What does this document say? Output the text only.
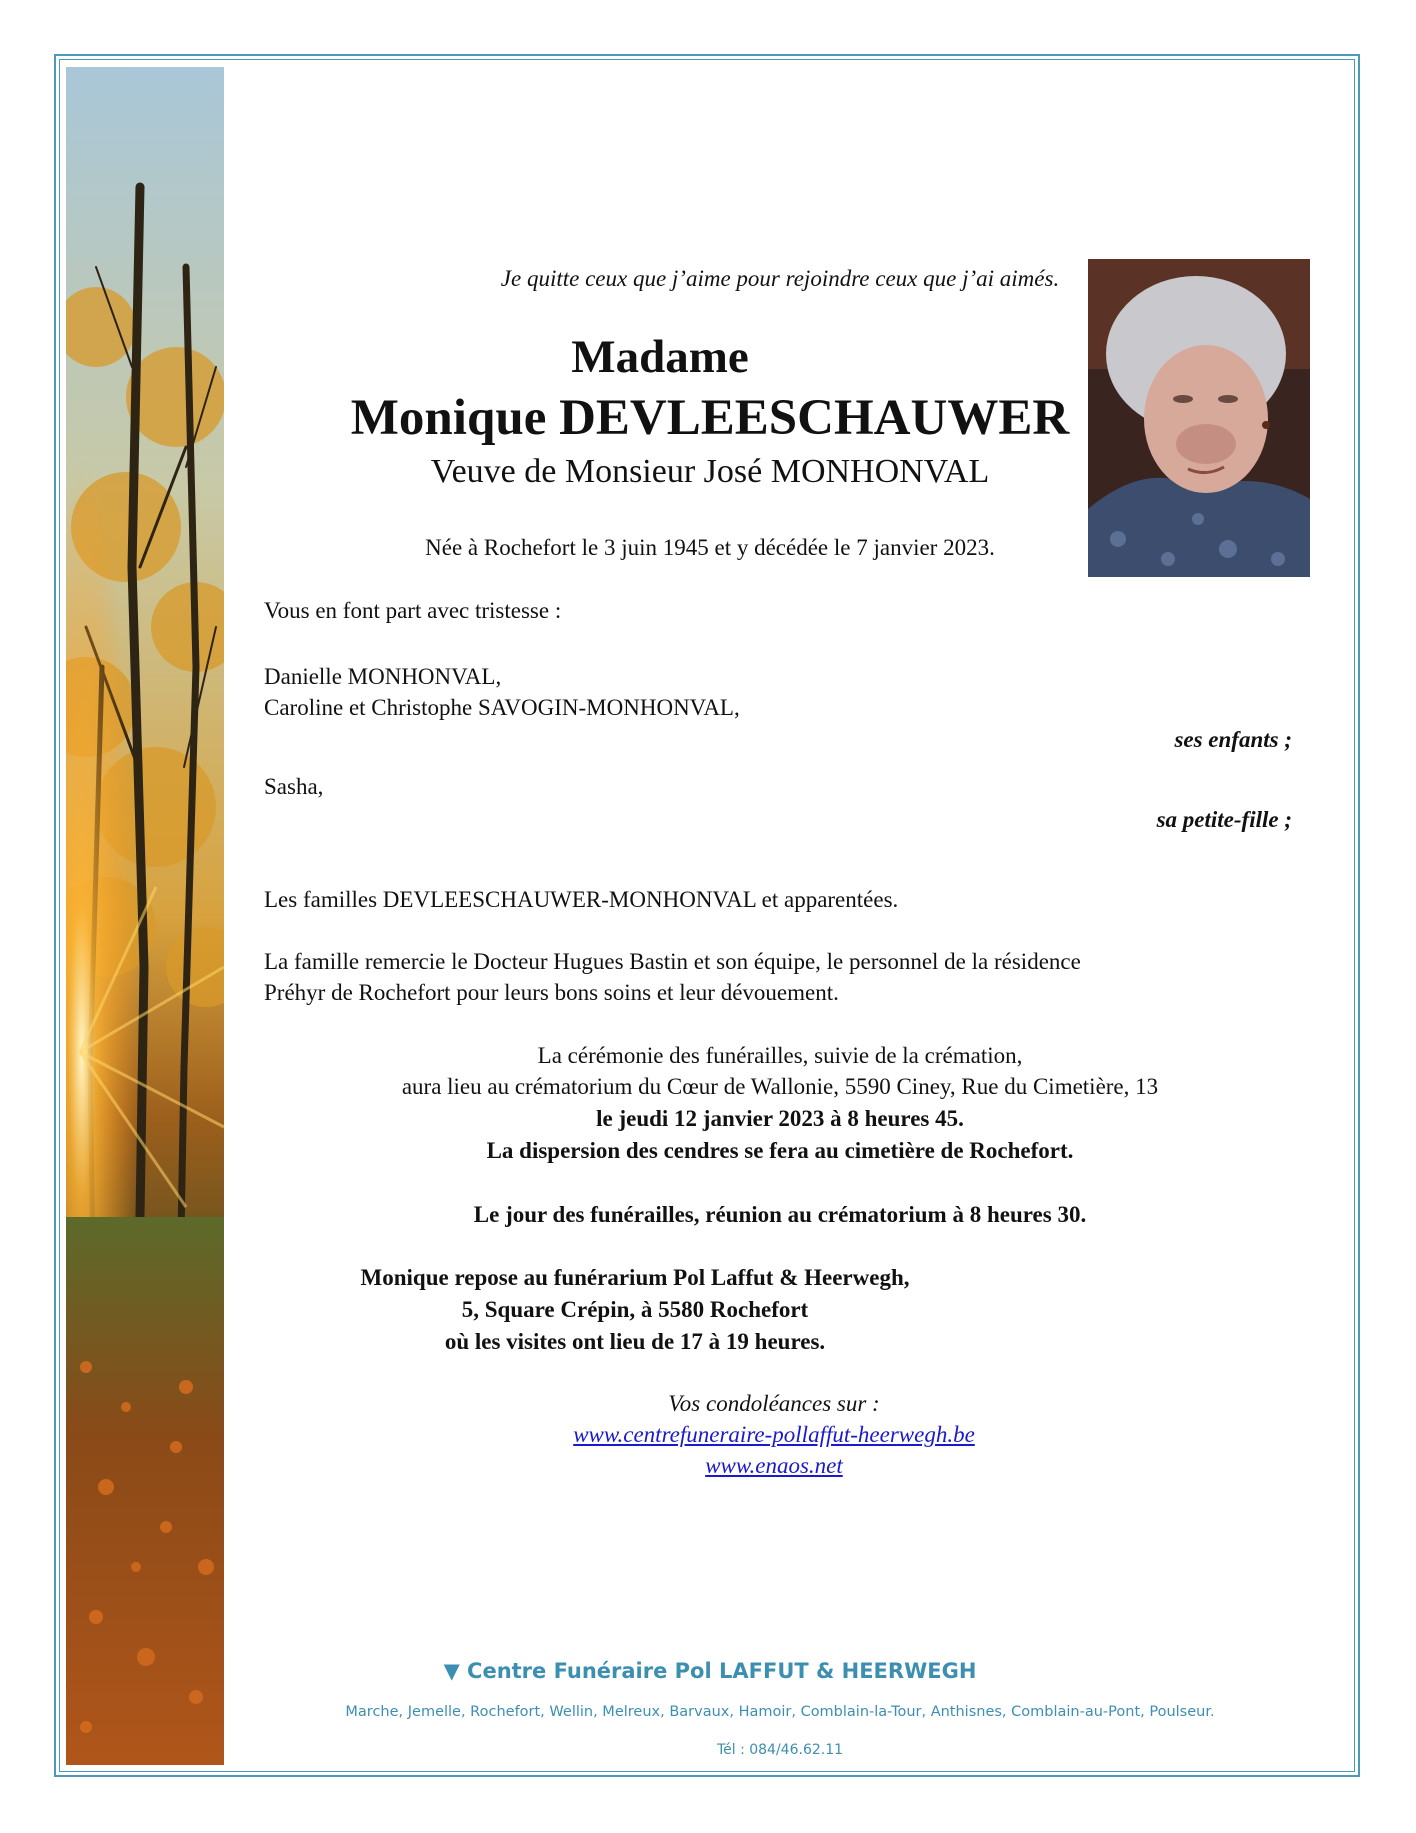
Je quitte ceux que j’aime pour rejoindre ceux que j’ai aimés.
Madame
Monique DEVLEESCHAUWER
Veuve de Monsieur José MONHONVAL
Née à Rochefort le 3 juin 1945 et y décédée le 7 janvier 2023.
Vous en font part avec tristesse :
Danielle MONHONVAL,
Caroline et Christophe SAVOGIN-MONHONVAL,
ses enfants ;
Sasha,
sa petite-fille ;
Les familles DEVLEESCHAUWER-MONHONVAL et apparentées.
La famille remercie le Docteur Hugues Bastin et son équipe, le personnel de la résidence
Préhyr de Rochefort pour leurs bons soins et leur dévouement.
La cérémonie des funérailles, suivie de la crémation,
aura lieu au crématorium du Cœur de Wallonie, 5590 Ciney, Rue du Cimetière, 13
le jeudi 12 janvier 2023 à 8 heures 45.
La dispersion des cendres se fera au cimetière de Rochefort.
Le jour des funérailles, réunion au crématorium à 8 heures 30.
Monique repose au funérarium Pol Laffut & Heerwegh,
5, Square Crépin, à 5580 Rochefort
où les visites ont lieu de 17 à 19 heures.
Vos condoléances sur :
www.centrefuneraire-pollaffut-heerwegh.be
www.enaos.net
▼ Centre Funéraire Pol LAFFUT & HEERWEGH
Marche, Jemelle, Rochefort, Wellin, Melreux, Barvaux, Hamoir, Comblain-la-Tour, Anthisnes, Comblain-au-Pont, Poulseur.
Tél : 084/46.62.11
